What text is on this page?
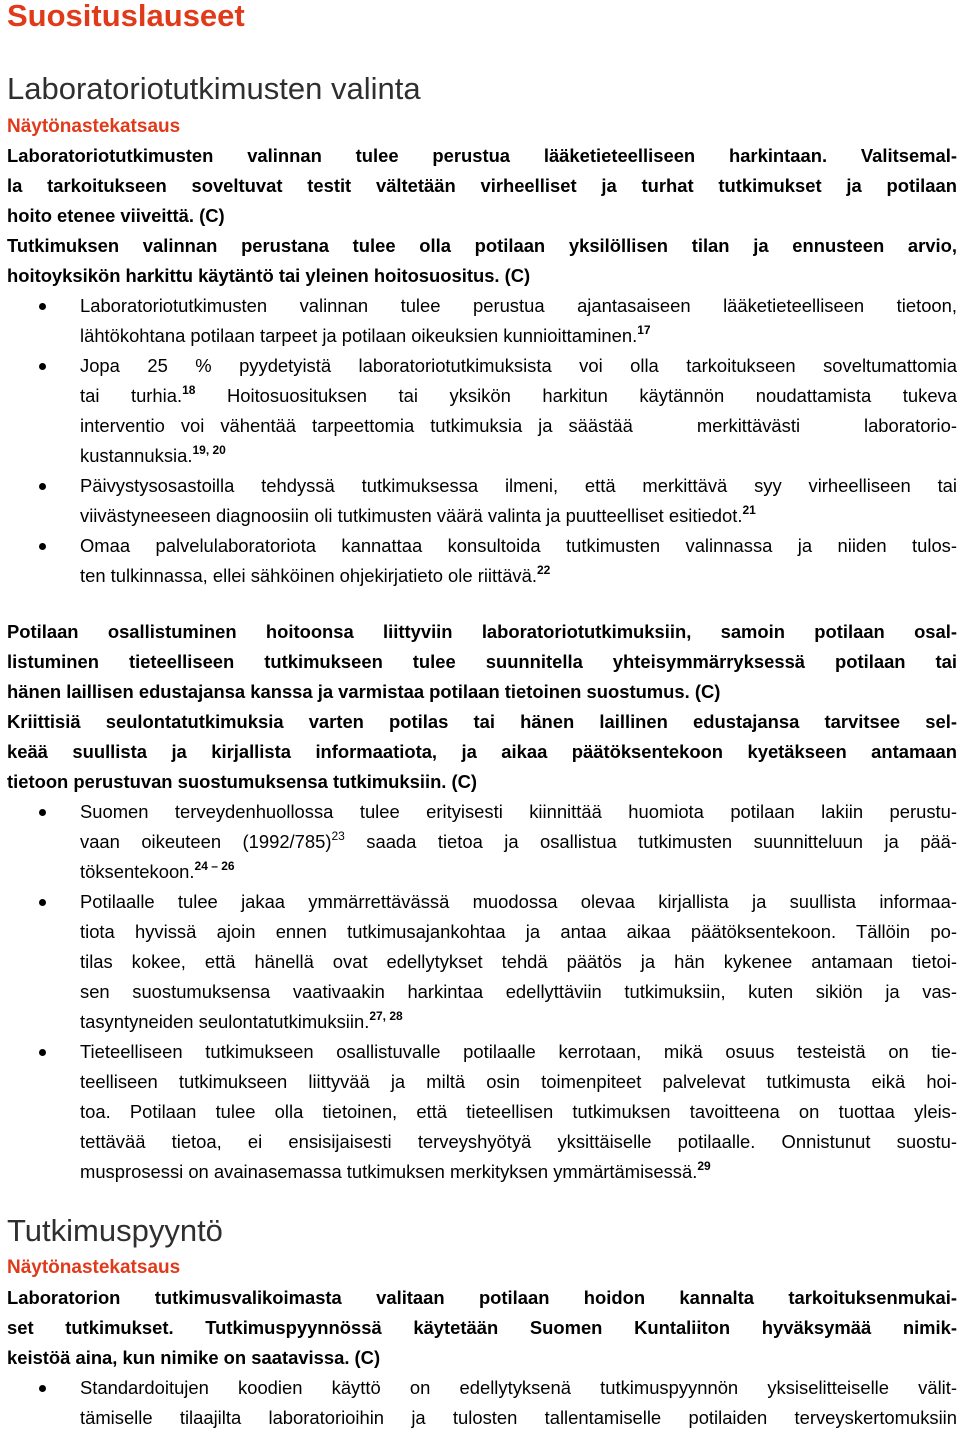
Suosituslauseet
Laboratoriotutkimusten valinta
Näytönastekatsaus

Laboratoriotutkimusten valinnan tulee perustua lääketieteelliseen harkintaan. Valitsemal-
la tarkoitukseen soveltuvat testit vältetään virheelliset ja turhat tutkimukset ja potilaan
hoito etenee viiveittä. (C)
Tutkimuksen valinnan perustana tulee olla potilaan yksilöllisen tilan ja ennusteen arvio,
hoitoyksikön harkittu käytäntö tai yleinen hoitosuositus. (C)

Laboratoriotutkimusten valinnan tulee perustua ajantasaiseen lääketieteelliseen tietoon,
lähtökohtana potilaan tarpeet ja potilaan oikeuksien kunnioittaminen.$^{17}$
Jopa 25 % pyydetyistä laboratoriotutkimuksista voi olla tarkoitukseen soveltumattomia
tai turhia.$^{18}$ Hoitosuosituksen tai yksikön harkitun käytännön noudattamista tukeva
interventio voi vähentää tarpeettomia tutkimuksia ja säästää    merkittävästi    laboratorio-
kustannuksia.$^{19, 20}$
Päivystysosastoilla tehdyssä tutkimuksessa ilmeni, että merkittävä syy virheelliseen tai
viivästyneeseen diagnoosiin oli tutkimusten väärä valinta ja puutteelliset esitiedot.$^{21}$
Omaa palvelulaboratoriota kannattaa konsultoida tutkimusten valinnassa ja niiden tulos-
ten tulkinnassa, ellei sähköinen ohjekirjatieto ole riittävä.$^{22}$

Potilaan osallistuminen hoitoonsa liittyviin laboratoriotutkimuksiin, samoin potilaan osal-
listuminen tieteelliseen tutkimukseen tulee suunnitella yhteisymmärryksessä potilaan tai
hänen laillisen edustajansa kanssa ja varmistaa potilaan tietoinen suostumus. (C)
Kriittisiä seulontatutkimuksia varten potilas tai hänen laillinen edustajansa tarvitsee sel-
keää suullista ja kirjallista informaatiota, ja aikaa päätöksentekoon kyetäkseen antamaan
tietoon perustuvan suostumuksensa tutkimuksiin. (C)

Suomen terveydenhuollossa tulee erityisesti kiinnittää huomiota potilaan lakiin perustu-
vaan oikeuteen $(1992/785)^{23}$ saada tietoa ja osallistua tutkimusten suunnitteluun ja pää-
töksentekoon.$^{24 - 26}$
Potilaalle tulee jakaa ymmärrettävässä muodossa olevaa kirjallista ja suullista informaa-
tiota hyvissä ajoin ennen tutkimusajankohtaa ja antaa aikaa päätöksentekoon. Tällöin po-
tilas kokee, että hänellä ovat edellytykset tehdä päätös ja hän kykenee antamaan tietoi-
sen suostumuksensa vaativaakin harkintaa edellyttäviin tutkimuksiin, kuten sikiön ja vas-
tasyntyneiden seulontatutkimuksiin.$^{27, 28}$
Tieteelliseen tutkimukseen osallistuvalle potilaalle kerrotaan, mikä osuus testeistä on tie-
teelliseen tutkimukseen liittyvää ja miltä osin toimenpiteet palvelevat tutkimusta eikä hoi-
toa. Potilaan tulee olla tietoinen, että tieteellisen tutkimuksen tavoitteena on tuottaa yleis-
tettävää tietoa, ei ensisijaisesti terveyshyötyä yksittäiselle potilaalle. Onnistunut suostu-
musprosessi on avainasemassa tutkimuksen merkityksen ymmärtämisessä.$^{29}$
Tutkimuspyyntö
Näytönastekatsaus

Laboratorion tutkimusvalikoimasta valitaan potilaan hoidon kannalta tarkoituksenmukai-
set tutkimukset. Tutkimuspyynnössä käytetään Suomen Kuntaliiton hyväksymää nimik-
keistöä aina, kun nimike on saatavissa. (C)

Standardoitujen koodien käyttö on edellytyksenä tutkimuspyynnön yksiselitteiselle välit-
tämiselle tilaajilta laboratorioihin ja tulosten tallentamiselle potilaiden terveyskertomuksiin
